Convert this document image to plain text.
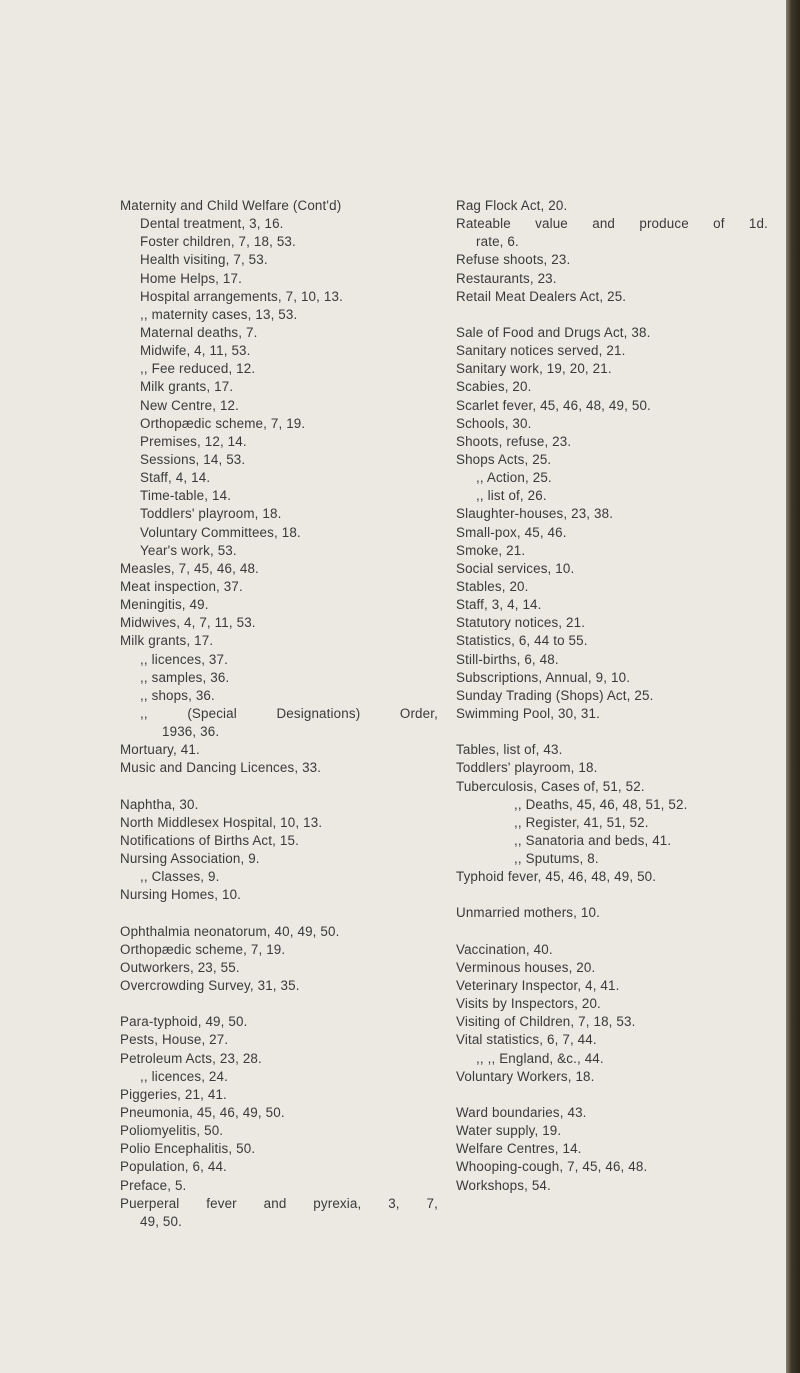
Maternity and Child Welfare (Cont'd)
Dental treatment, 3, 16.
Foster children, 7, 18, 53.
Health visiting, 7, 53.
Home Helps, 17.
Hospital arrangements, 7, 10, 13.
,, maternity cases, 13, 53.
Maternal deaths, 7.
Midwife, 4, 11, 53.
,, Fee reduced, 12.
Milk grants, 17.
New Centre, 12.
Orthopædic scheme, 7, 19.
Premises, 12, 14.
Sessions, 14, 53.
Staff, 4, 14.
Time-table, 14.
Toddlers' playroom, 18.
Voluntary Committees, 18.
Year's work, 53.
Measles, 7, 45, 46, 48.
Meat inspection, 37.
Meningitis, 49.
Midwives, 4, 7, 11, 53.
Milk grants, 17.
,, licences, 37.
,, samples, 36.
,, shops, 36.
,, (Special Designations) Order,
1936, 36.
Mortuary, 41.
Music and Dancing Licences, 33.
Naphtha, 30.
North Middlesex Hospital, 10, 13.
Notifications of Births Act, 15.
Nursing Association, 9.
,, Classes, 9.
Nursing Homes, 10.
Ophthalmia neonatorum, 40, 49, 50.
Orthopædic scheme, 7, 19.
Outworkers, 23, 55.
Overcrowding Survey, 31, 35.
Para-typhoid, 49, 50.
Pests, House, 27.
Petroleum Acts, 23, 28.
,, licences, 24.
Piggeries, 21, 41.
Pneumonia, 45, 46, 49, 50.
Poliomyelitis, 50.
Polio Encephalitis, 50.
Population, 6, 44.
Preface, 5.
Puerperal fever and pyrexia, 3, 7,
49, 50.
Rag Flock Act, 20.
Rateable value and produce of 1d.
rate, 6.
Refuse shoots, 23.
Restaurants, 23.
Retail Meat Dealers Act, 25.
Sale of Food and Drugs Act, 38.
Sanitary notices served, 21.
Sanitary work, 19, 20, 21.
Scabies, 20.
Scarlet fever, 45, 46, 48, 49, 50.
Schools, 30.
Shoots, refuse, 23.
Shops Acts, 25.
,, Action, 25.
,, list of, 26.
Slaughter-houses, 23, 38.
Small-pox, 45, 46.
Smoke, 21.
Social services, 10.
Stables, 20.
Staff, 3, 4, 14.
Statutory notices, 21.
Statistics, 6, 44 to 55.
Still-births, 6, 48.
Subscriptions, Annual, 9, 10.
Sunday Trading (Shops) Act, 25.
Swimming Pool, 30, 31.
Tables, list of, 43.
Toddlers' playroom, 18.
Tuberculosis, Cases of, 51, 52.
,, Deaths, 45, 46, 48, 51, 52.
,, Register, 41, 51, 52.
,, Sanatoria and beds, 41.
,, Sputums, 8.
Typhoid fever, 45, 46, 48, 49, 50.
Unmarried mothers, 10.
Vaccination, 40.
Verminous houses, 20.
Veterinary Inspector, 4, 41.
Visits by Inspectors, 20.
Visiting of Children, 7, 18, 53.
Vital statistics, 6, 7, 44.
,, ,, England, &c., 44.
Voluntary Workers, 18.
Ward boundaries, 43.
Water supply, 19.
Welfare Centres, 14.
Whooping-cough, 7, 45, 46, 48.
Workshops, 54.
